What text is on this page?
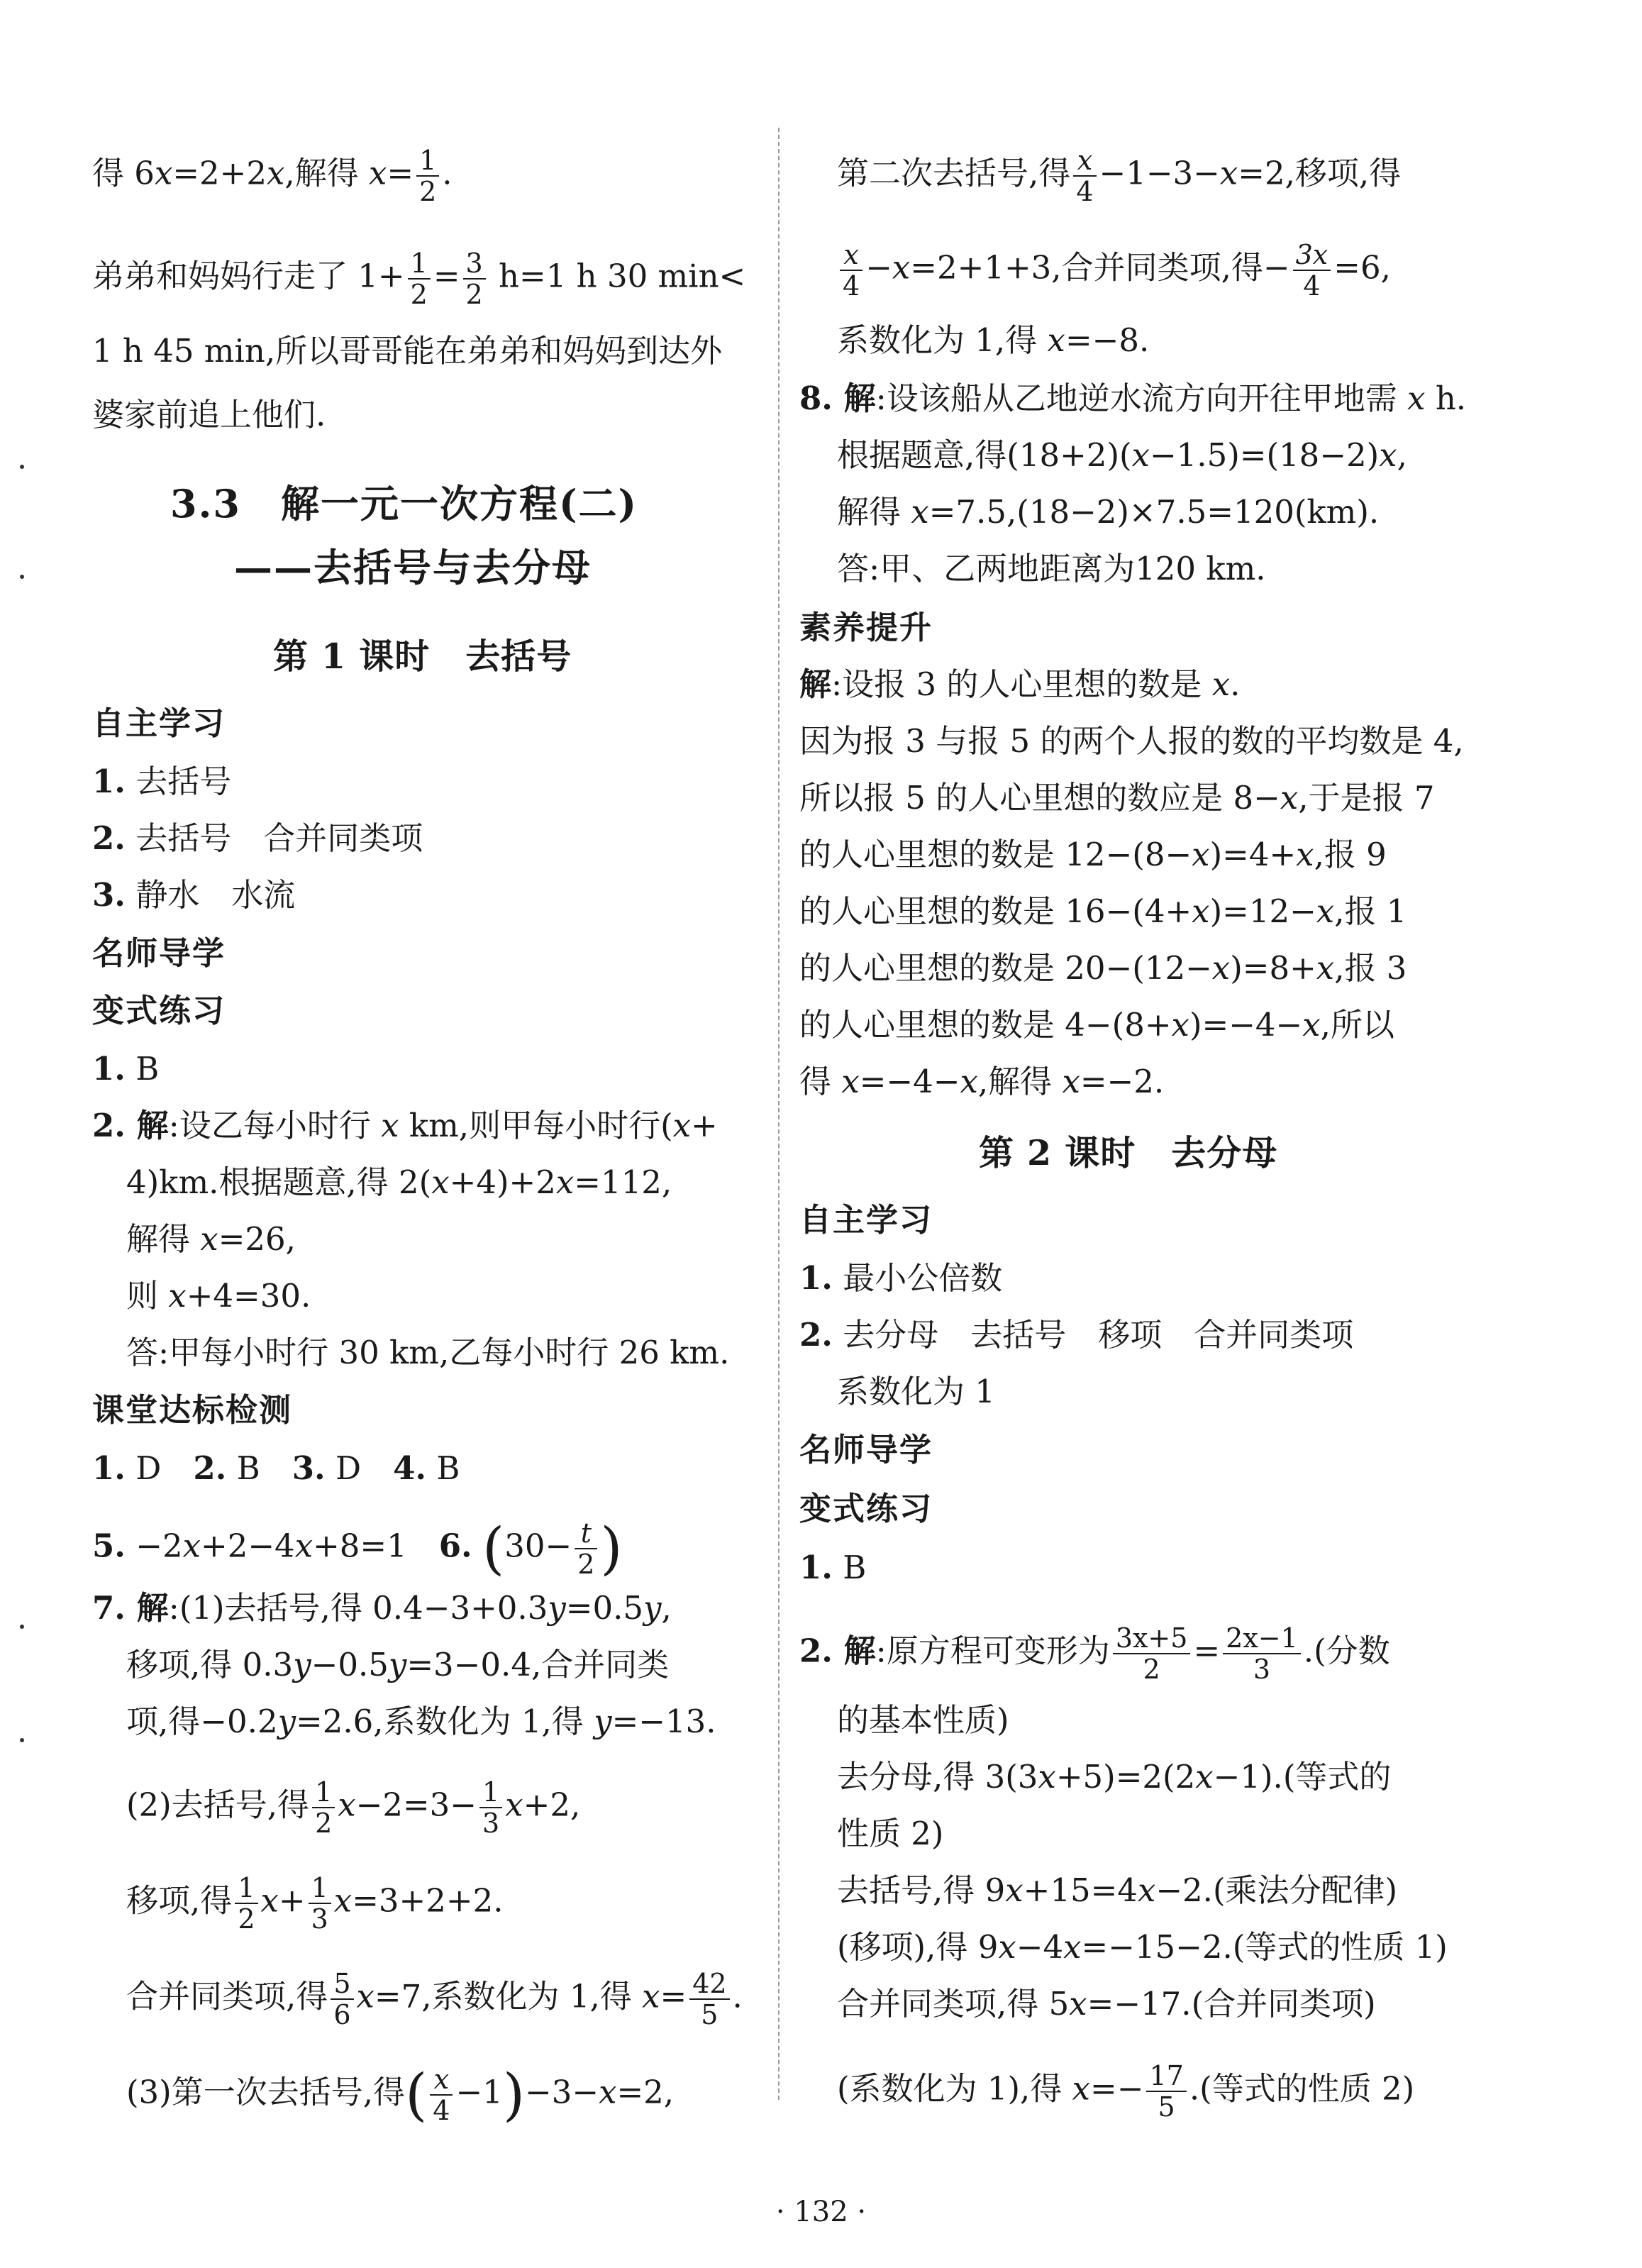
得 6x=2+2x,解得 $x= \frac{1}{2}$ .
弟弟和妈妈行走了 $1+ \frac{1}{2} = \frac{3}{2} h=1$ h 30 min<
1 h 45 min,所以哥哥能在弟弟和妈妈到达外
婆家前追上他们.
3.3　解一元一次方程(二)
——去括号与去分母
第 1 课时　去括号
自主学习
1. 去括号
2. 去括号　合并同类项
3. 静水　水流
名师导学
变式练习
1. B
2. 解:设乙每小时行 x km,则甲每小时行(x+
4)km.根据题意,得 2(x+4)+2x=112,
解得 x=26,
则 x+4=30.
答:甲每小时行 30 km,乙每小时行 26 km.
课堂达标检测
1. D　2. B　3. D　4. B
5. −2x+2−4x+8=1　6. ($30- \frac{t}{2}$ )
7. 解:(1)去括号,得 0.4−3+0.3y=0.5y,
移项,得 0.3y−0.5y=3−0.4,合并同类
项,得−0.2y=2.6,系数化为 1,得 y=−13.
(2)去括号,得 $\frac{1}{2} x-2=3- \frac{1}{3} x+2$,
移项,得 $\frac{1}{2} x+ \frac{1}{3} x=3+2+2$.
合并同类项,得 $\frac{5}{6} x=7$,系数化为 1,得 $x= \frac{42}{5}$ .
(3)第一次去括号,得( $\frac{x}{4} -1)-3-x=2$,
第二次去括号,得 $\frac{x}{4} -1-3-x=2$,移项,得
$\frac{x}{4} -x=2+1+3$,合并同类项,得− $\frac{3x}{4} =6$,
系数化为 1,得 x=−8.
8. 解:设该船从乙地逆水流方向开往甲地需 x h.
根据题意,得(18+2)(x−1.5)=(18−2)x,
解得 x=7.5,(18−2)×7.5=120(km).
答:甲、乙两地距离为120 km.
素养提升
解:设报 3 的人心里想的数是 x.
因为报 3 与报 5 的两个人报的数的平均数是 4,
所以报 5 的人心里想的数应是 8−x,于是报 7
的人心里想的数是 12−(8−x)=4+x,报 9
的人心里想的数是 16−(4+x)=12−x,报 1
的人心里想的数是 20−(12−x)=8+x,报 3
的人心里想的数是 4−(8+x)=−4−x,所以
得 x=−4−x,解得 x=−2.
第 2 课时　去分母
自主学习
1. 最小公倍数
2. 去分母　去括号　移项　合并同类项
系数化为 1
名师导学
变式练习
1. B
2. 解:原方程可变形为 $\frac{3x+5}{2} = \frac{2x-1}{3}$ .(分数
的基本性质)
去分母,得 3(3x+5)=2(2x−1).(等式的
性质 2)
去括号,得 9x+15=4x−2.(乘法分配律)
(移项),得 9x−4x=−15−2.(等式的性质 1)
合并同类项,得 5x=−17.(合并同类项)
(系数化为 1),得 $x=- \frac{17}{5}$ .(等式的性质 2)
· 132 ·
